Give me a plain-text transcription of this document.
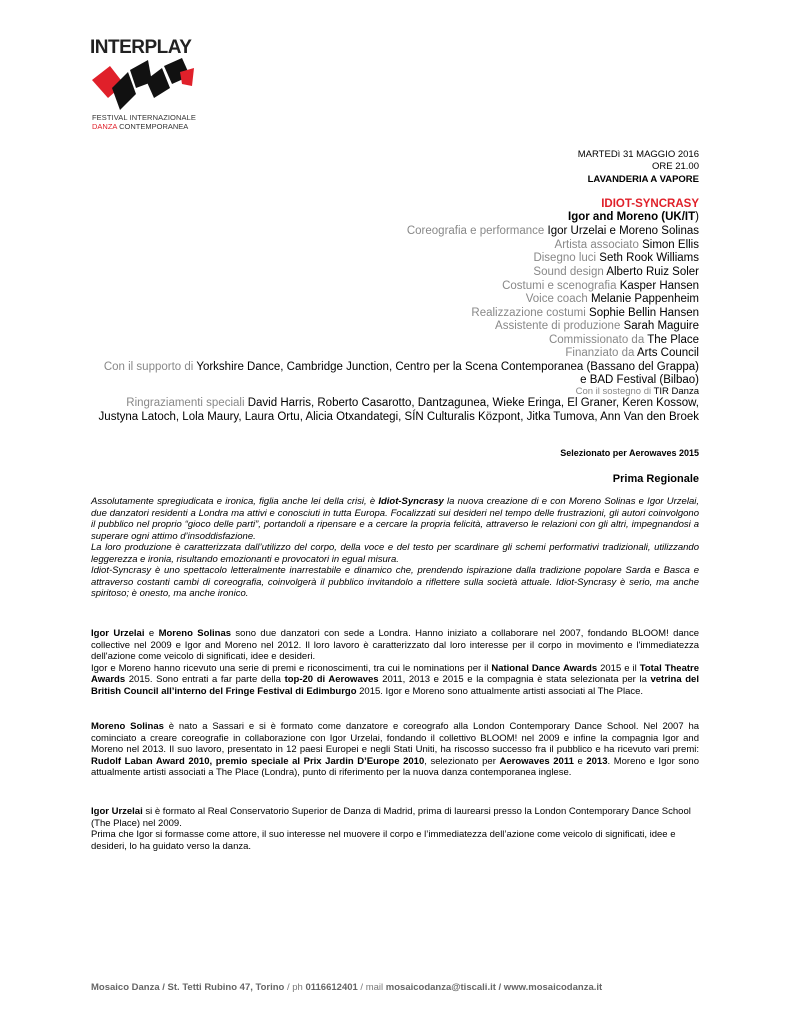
INTERPLAY
FESTIVAL INTERNAZIONALE
DANZA CONTEMPORANEA
MARTEDì 31 MAGGIO 2016
ORE 21.00
LAVANDERIA A VAPORE
IDIOT-SYNCRASY
Igor and Moreno (UK/IT)
Coreografia e performance Igor Urzelai e Moreno Solinas
Artista associato Simon Ellis
Disegno luci Seth Rook Williams
Sound design Alberto Ruiz Soler
Costumi e scenografia Kasper Hansen
Voice coach Melanie Pappenheim
Realizzazione costumi Sophie Bellin Hansen
Assistente di produzione Sarah Maguire
Commissionato da The Place
Finanziato da Arts Council
Con il supporto di Yorkshire Dance, Cambridge Junction, Centro per la Scena Contemporanea (Bassano del Grappa)
e BAD Festival (Bilbao)
Con il sostegno di TIR Danza
Ringraziamenti speciali David Harris, Roberto Casarotto, Dantzagunea, Wieke Eringa, El Graner, Keren Kossow,
Justyna Latoch, Lola Maury, Laura Ortu, Alicia Otxandategi, SÍN Culturalis Központ, Jitka Tumova, Ann Van den Broek
Selezionato per Aerowaves 2015
Prima Regionale
Assolutamente spregiudicata e ironica, figlia anche lei della crisi, è Idiot-Syncrasy la nuova creazione di e con Moreno Solinas e Igor Urzelai, due danzatori residenti a Londra ma attivi e conosciuti in tutta Europa. Focalizzati sui desideri nel tempo delle frustrazioni, gli autori coinvolgono il pubblico nel proprio “gioco delle parti”, portandoli a ripensare e a cercare la propria felicità, attraverso le relazioni con gli altri, impegnandosi a superare ogni attimo d’insoddisfazione.
La loro produzione è caratterizzata dall’utilizzo del corpo, della voce e del testo per scardinare gli schemi performativi tradizionali, utilizzando leggerezza e ironia, risultando emozionanti e provocatori in egual misura.
Idiot-Syncrasy è uno spettacolo letteralmente inarrestabile e dinamico che, prendendo ispirazione dalla tradizione popolare Sarda e Basca e attraverso costanti cambi di coreografia, coinvolgerà il pubblico invitandolo a riflettere sulla società attuale. Idiot-Syncrasy è serio, ma anche spiritoso; è onesto, ma anche ironico.
Igor Urzelai e Moreno Solinas sono due danzatori con sede a Londra. Hanno iniziato a collaborare nel 2007, fondando BLOOM! dance collective nel 2009 e Igor and Moreno nel 2012. Il loro lavoro è caratterizzato dal loro interesse per il corpo in movimento e l'immediatezza dell'azione come veicolo di significati, idee e desideri.
Igor e Moreno hanno ricevuto una serie di premi e riconoscimenti, tra cui le nominations per il National Dance Awards 2015 e il Total Theatre Awards 2015. Sono entrati a far parte della top-20 di Aerowaves 2011, 2013 e 2015 e la compagnia è stata selezionata per la vetrina del British Council all’interno del Fringe Festival di Edimburgo 2015. Igor e Moreno sono attualmente artisti associati al The Place.
Moreno Solinas è nato a Sassari e si è formato come danzatore e coreografo alla London Contemporary Dance School. Nel 2007 ha cominciato a creare coreografie in collaborazione con Igor Urzelai, fondando il collettivo BLOOM! nel 2009 e infine la compagnia Igor and Moreno nel 2013. Il suo lavoro, presentato in 12 paesi Europei e negli Stati Uniti, ha riscosso successo fra il pubblico e ha ricevuto vari premi: Rudolf Laban Award 2010, premio speciale al Prix Jardin D’Europe 2010, selezionato per Aerowaves 2011 e 2013. Moreno e Igor sono attualmente artisti associati a The Place (Londra), punto di riferimento per la nuova danza contemporanea inglese.
Igor Urzelai si è formato al Real Conservatorio Superior de Danza di Madrid, prima di laurearsi presso la London Contemporary Dance School (The Place) nel 2009.
Prima che Igor si formasse come attore, il suo interesse nel muovere il corpo e l’immediatezza dell’azione come veicolo di significati, idee e desideri, lo ha guidato verso la danza.
Mosaico Danza / St. Tetti Rubino 47, Torino / ph 0116612401 / mail mosaicodanza@tiscali.it / www.mosaicodanza.it
